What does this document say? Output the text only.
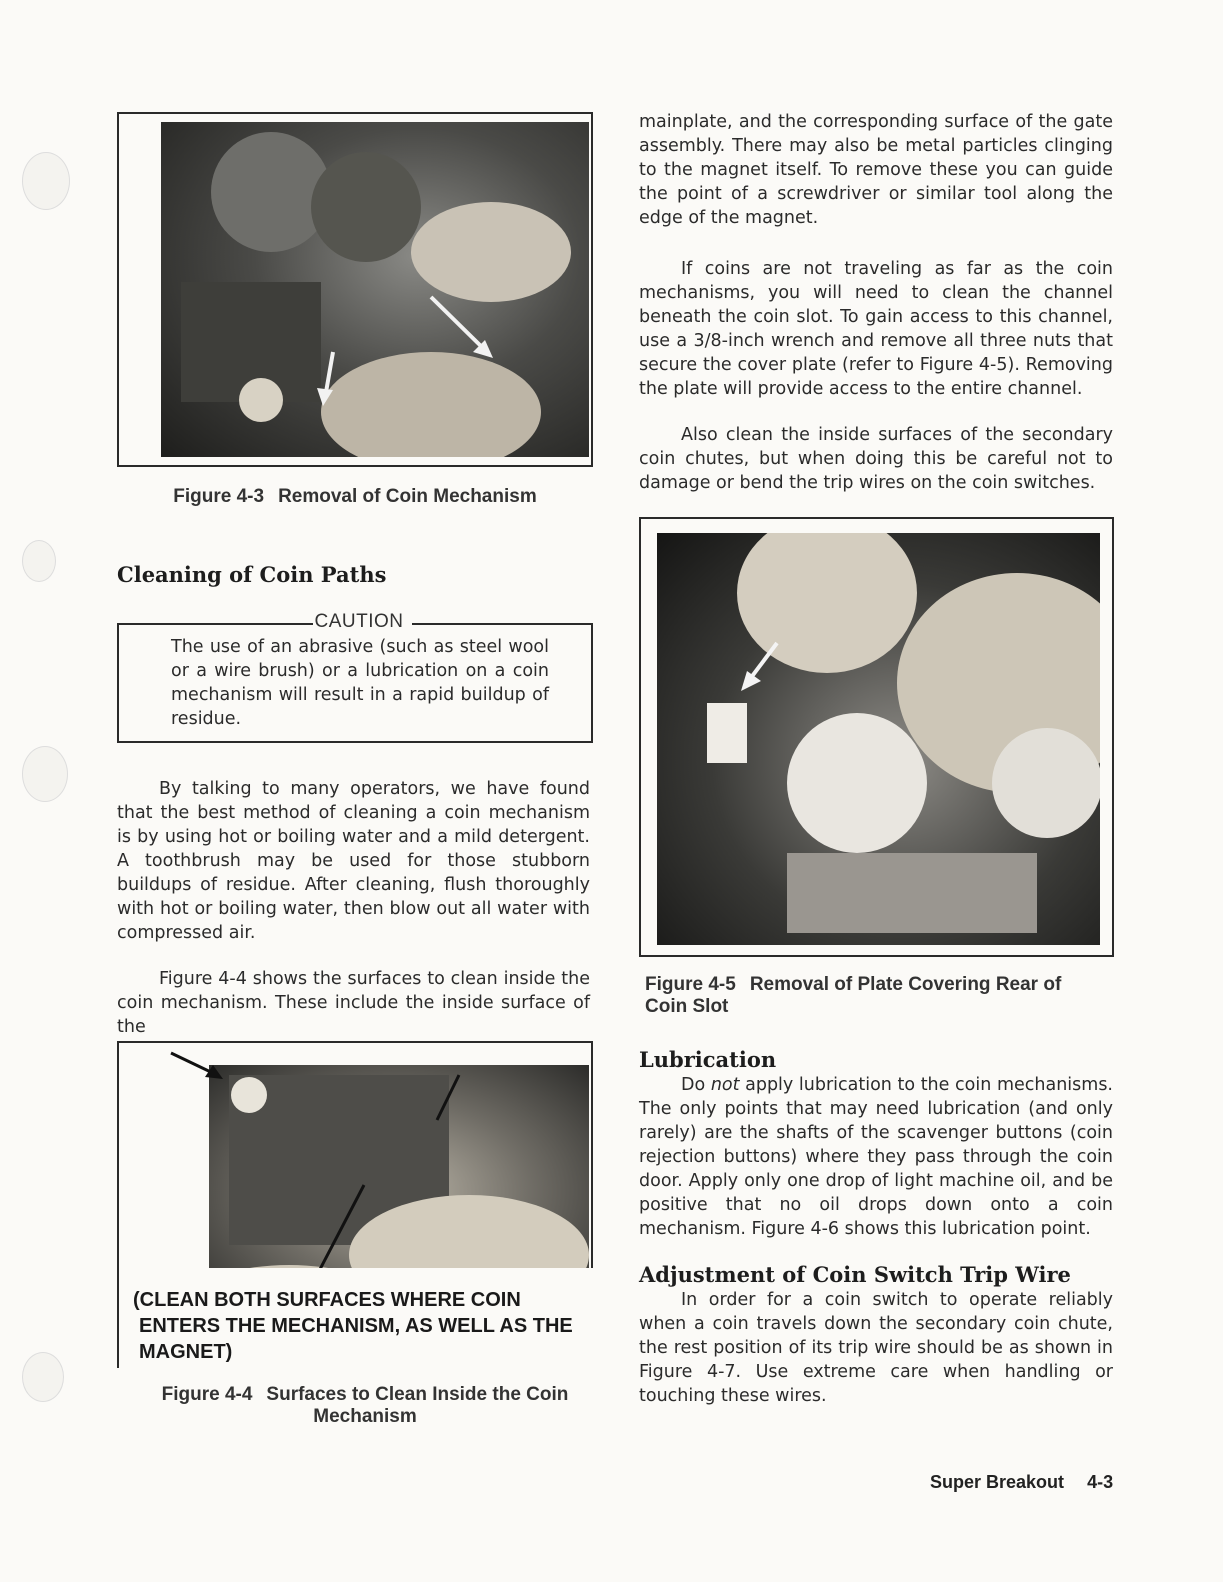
Figure 4-3 Removal of Coin Mechanism
Cleaning of Coin Paths
CAUTION

The use of an abrasive (such as steel wool or a wire brush) or a lubrication on a coin mechanism will result in a rapid buildup of residue.

By talking to many operators, we have found that the best method of cleaning a coin mechanism is by using hot or boiling water and a mild detergent. A toothbrush may be used for those stubborn buildups of residue. After cleaning, flush thoroughly with hot or boiling water, then blow out all water with compressed air.

Figure 4-4 shows the surfaces to clean inside the coin mechanism. These include the inside surface of the

(CLEAN BOTH SURFACES WHERE COIN
ENTERS THE MECHANISM, AS WELL AS THE
MAGNET)
Figure 4-4 Surfaces to Clean Inside the Coin Mechanism

mainplate, and the corresponding surface of the gate assembly. There may also be metal particles clinging to the magnet itself. To remove these you can guide the point of a screwdriver or similar tool along the edge of the magnet.

If coins are not traveling as far as the coin mechanisms, you will need to clean the channel beneath the coin slot. To gain access to this channel, use a 3/8-inch wrench and remove all three nuts that secure the cover plate (refer to Figure 4-5). Removing the plate will provide access to the entire channel.

Also clean the inside surfaces of the secondary coin chutes, but when doing this be careful not to damage or bend the trip wires on the coin switches.

Figure 4-5 Removal of Plate Covering Rear of Coin Slot
Lubrication

Do not apply lubrication to the coin mechanisms. The only points that may need lubrication (and only rarely) are the shafts of the scavenger buttons (coin rejection buttons) where they pass through the coin door. Apply only one drop of light machine oil, and be positive that no oil drops down onto a coin mechanism. Figure 4-6 shows this lubrication point.

Adjustment of Coin Switch Trip Wire

In order for a coin switch to operate reliably when a coin travels down the secondary coin chute, the rest position of its trip wire should be as shown in Figure 4-7. Use extreme care when handling or touching these wires.

Super Breakout 4-3
